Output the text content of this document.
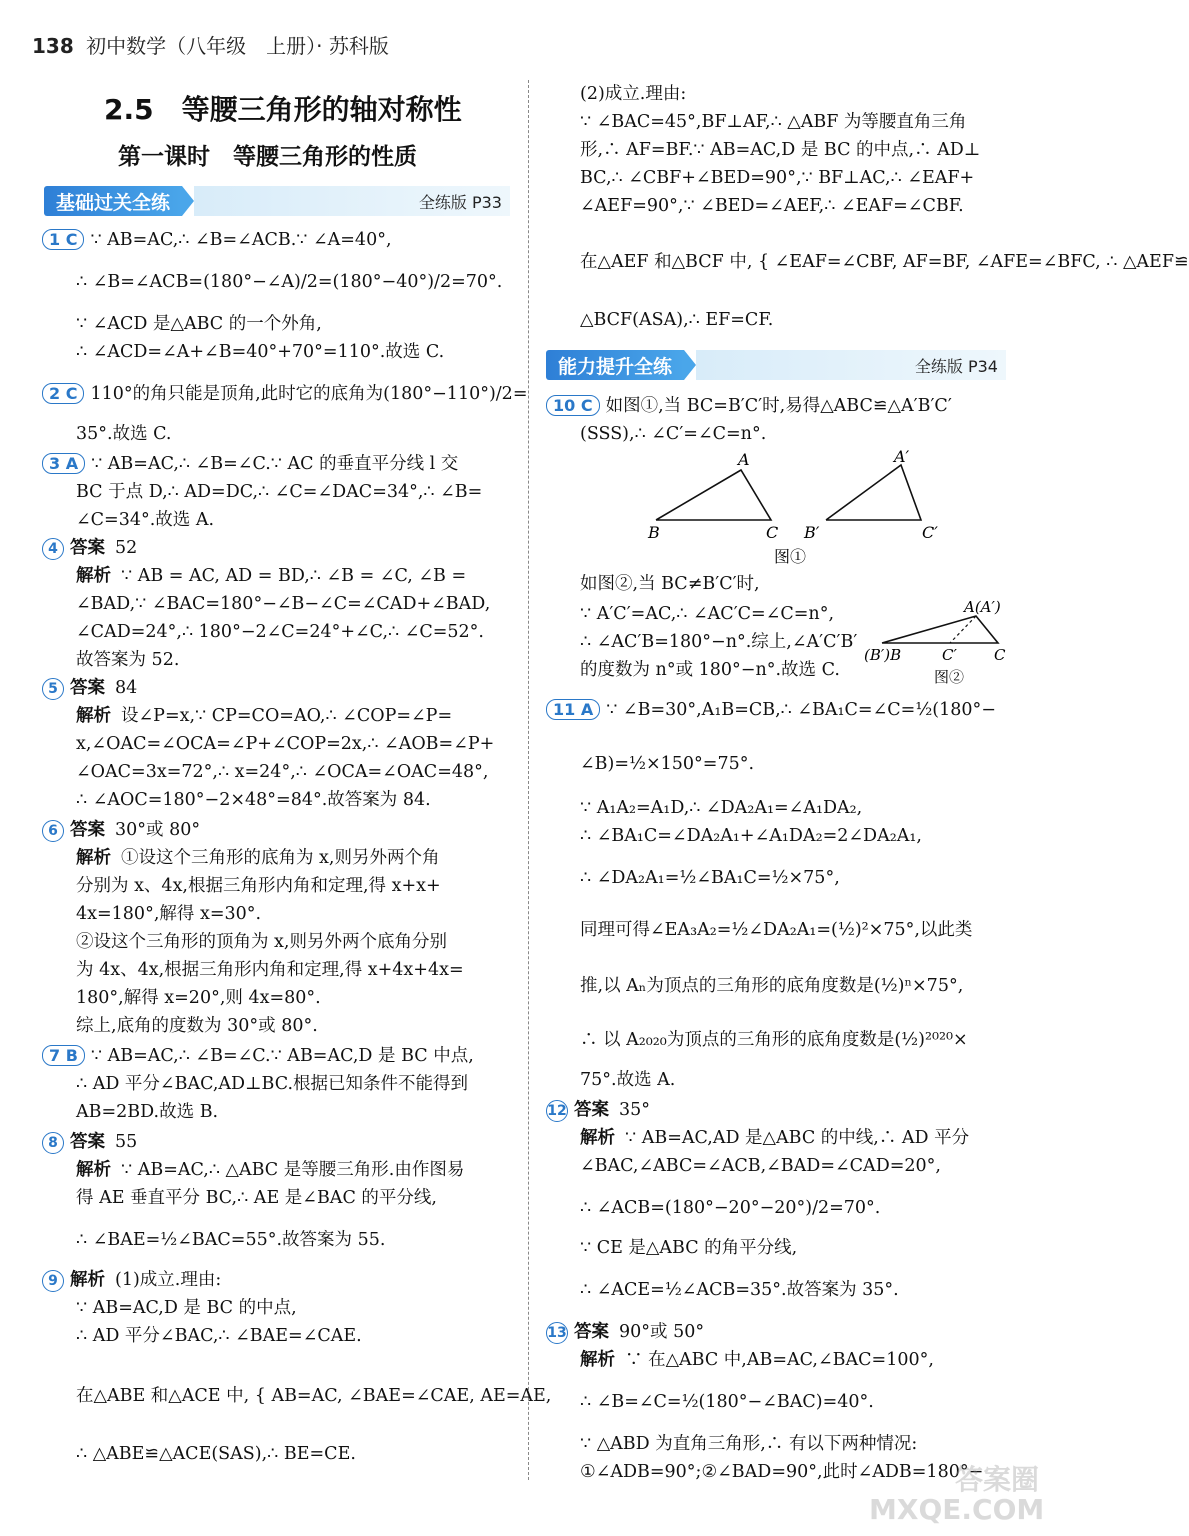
138 初中数学（八年级　上册）· 苏科版
2.5　等腰三角形的轴对称性
第一课时　等腰三角形的性质
基础过关全练	全练版 P33
1 C ∵ AB=AC,∴ ∠B=∠ACB.∵ ∠A=40°,
∴ ∠B=∠ACB=(180°−∠A)/2=(180°−40°)/2=70°.
∵ ∠ACD 是△ABC 的一个外角,
∴ ∠ACD=∠A+∠B=40°+70°=110°.故选 C.
2 C 110°的角只能是顶角,此时它的底角为(180°−110°)/2=
35°.故选 C.
3 A ∵ AB=AC,∴ ∠B=∠C.∵ AC 的垂直平分线 l 交
BC 于点 D,∴ AD=DC,∴ ∠C=∠DAC=34°,∴ ∠B=
∠C=34°.故选 A.
4 答案 52
解析 ∵ AB = AC, AD = BD,∴ ∠B = ∠C, ∠B =
∠BAD,∵ ∠BAC=180°−∠B−∠C=∠CAD+∠BAD,
∠CAD=24°,∴ 180°−2∠C=24°+∠C,∴ ∠C=52°.
故答案为 52.
5 答案 84
解析 设∠P=x,∵ CP=CO=AO,∴ ∠COP=∠P=
x,∠OAC=∠OCA=∠P+∠COP=2x,∴ ∠AOB=∠P+
∠OAC=3x=72°,∴ x=24°,∴ ∠OCA=∠OAC=48°,
∴ ∠AOC=180°−2×48°=84°.故答案为 84.
6 答案 30°或 80°
解析 ①设这个三角形的底角为 x,则另外两个角
分别为 x、4x,根据三角形内角和定理,得 x+x+
4x=180°,解得 x=30°.
②设这个三角形的顶角为 x,则另外两个底角分别
为 4x、4x,根据三角形内角和定理,得 x+4x+4x=
180°,解得 x=20°,则 4x=80°.
综上,底角的度数为 30°或 80°.
7 B ∵ AB=AC,∴ ∠B=∠C.∵ AB=AC,D 是 BC 中点,
∴ AD 平分∠BAC,AD⊥BC.根据已知条件不能得到
AB=2BD.故选 B.
8 答案 55
解析 ∵ AB=AC,∴ △ABC 是等腰三角形.由作图易
得 AE 垂直平分 BC,∴ AE 是∠BAC 的平分线,
∴ ∠BAE=½∠BAC=55°.故答案为 55.
9 解析 (1)成立.理由:
∵ AB=AC,D 是 BC 的中点,
∴ AD 平分∠BAC,∴ ∠BAE=∠CAE.
在△ABE 和△ACE 中, { AB=AC, ∠BAE=∠CAE, AE=AE,
∴ △ABE≌△ACE(SAS),∴ BE=CE.
(2)成立.理由:
∵ ∠BAC=45°,BF⊥AF,∴ △ABF 为等腰直角三角
形,∴ AF=BF.∵ AB=AC,D 是 BC 的中点,∴ AD⊥
BC,∴ ∠CBF+∠BED=90°,∵ BF⊥AC,∴ ∠EAF+
∠AEF=90°,∵ ∠BED=∠AEF,∴ ∠EAF=∠CBF.
在△AEF 和△BCF 中, { ∠EAF=∠CBF, AF=BF, ∠AFE=∠BFC, ∴ △AEF≌
△BCF(ASA),∴ EF=CF.
10 C 如图①,当 BC=B′C′时,易得△ABC≌△A′B′C′
(SSS),∴ ∠C′=∠C=n°.
如图②,当 BC≠B′C′时,
∵ A′C′=AC,∴ ∠AC′C=∠C=n°,
∴ ∠AC′B=180°−n°.综上,∠A′C′B′
的度数为 n°或 180°−n°.故选 C.
11 A ∵ ∠B=30°,A₁B=CB,∴ ∠BA₁C=∠C=½(180°−
∠B)=½×150°=75°.
∵ A₁A₂=A₁D,∴ ∠DA₂A₁=∠A₁DA₂,
∴ ∠BA₁C=∠DA₂A₁+∠A₁DA₂=2∠DA₂A₁,
∴ ∠DA₂A₁=½∠BA₁C=½×75°,
同理可得∠EA₃A₂=½∠DA₂A₁=(½)²×75°,以此类
推,以 Aₙ为顶点的三角形的底角度数是(½)ⁿ×75°,
∴ 以 A₂₀₂₀为顶点的三角形的底角度数是(½)²⁰²⁰×
75°.故选 A.
12 答案 35°
解析 ∵ AB=AC,AD 是△ABC 的中线,∴ AD 平分
∠BAC,∠ABC=∠ACB,∠BAD=∠CAD=20°,
∴ ∠ACB=(180°−20°−20°)/2=70°.
∵ CE 是△ABC 的角平分线,
∴ ∠ACE=½∠ACB=35°.故答案为 35°.
13 答案 90°或 50°
解析 ∵ 在△ABC 中,AB=AC,∠BAC=100°,
∴ ∠B=∠C=½(180°−∠BAC)=40°.
∵ △ABD 为直角三角形,∴ 有以下两种情况:
①∠ADB=90°;②∠BAD=90°,此时∠ADB=180°−
能力提升全练	全练版 P34
A
B	C
A′
B′	C′
图①
A(A′)
(B′)B	C′ C
图②
答案圈 MXQE.COM
